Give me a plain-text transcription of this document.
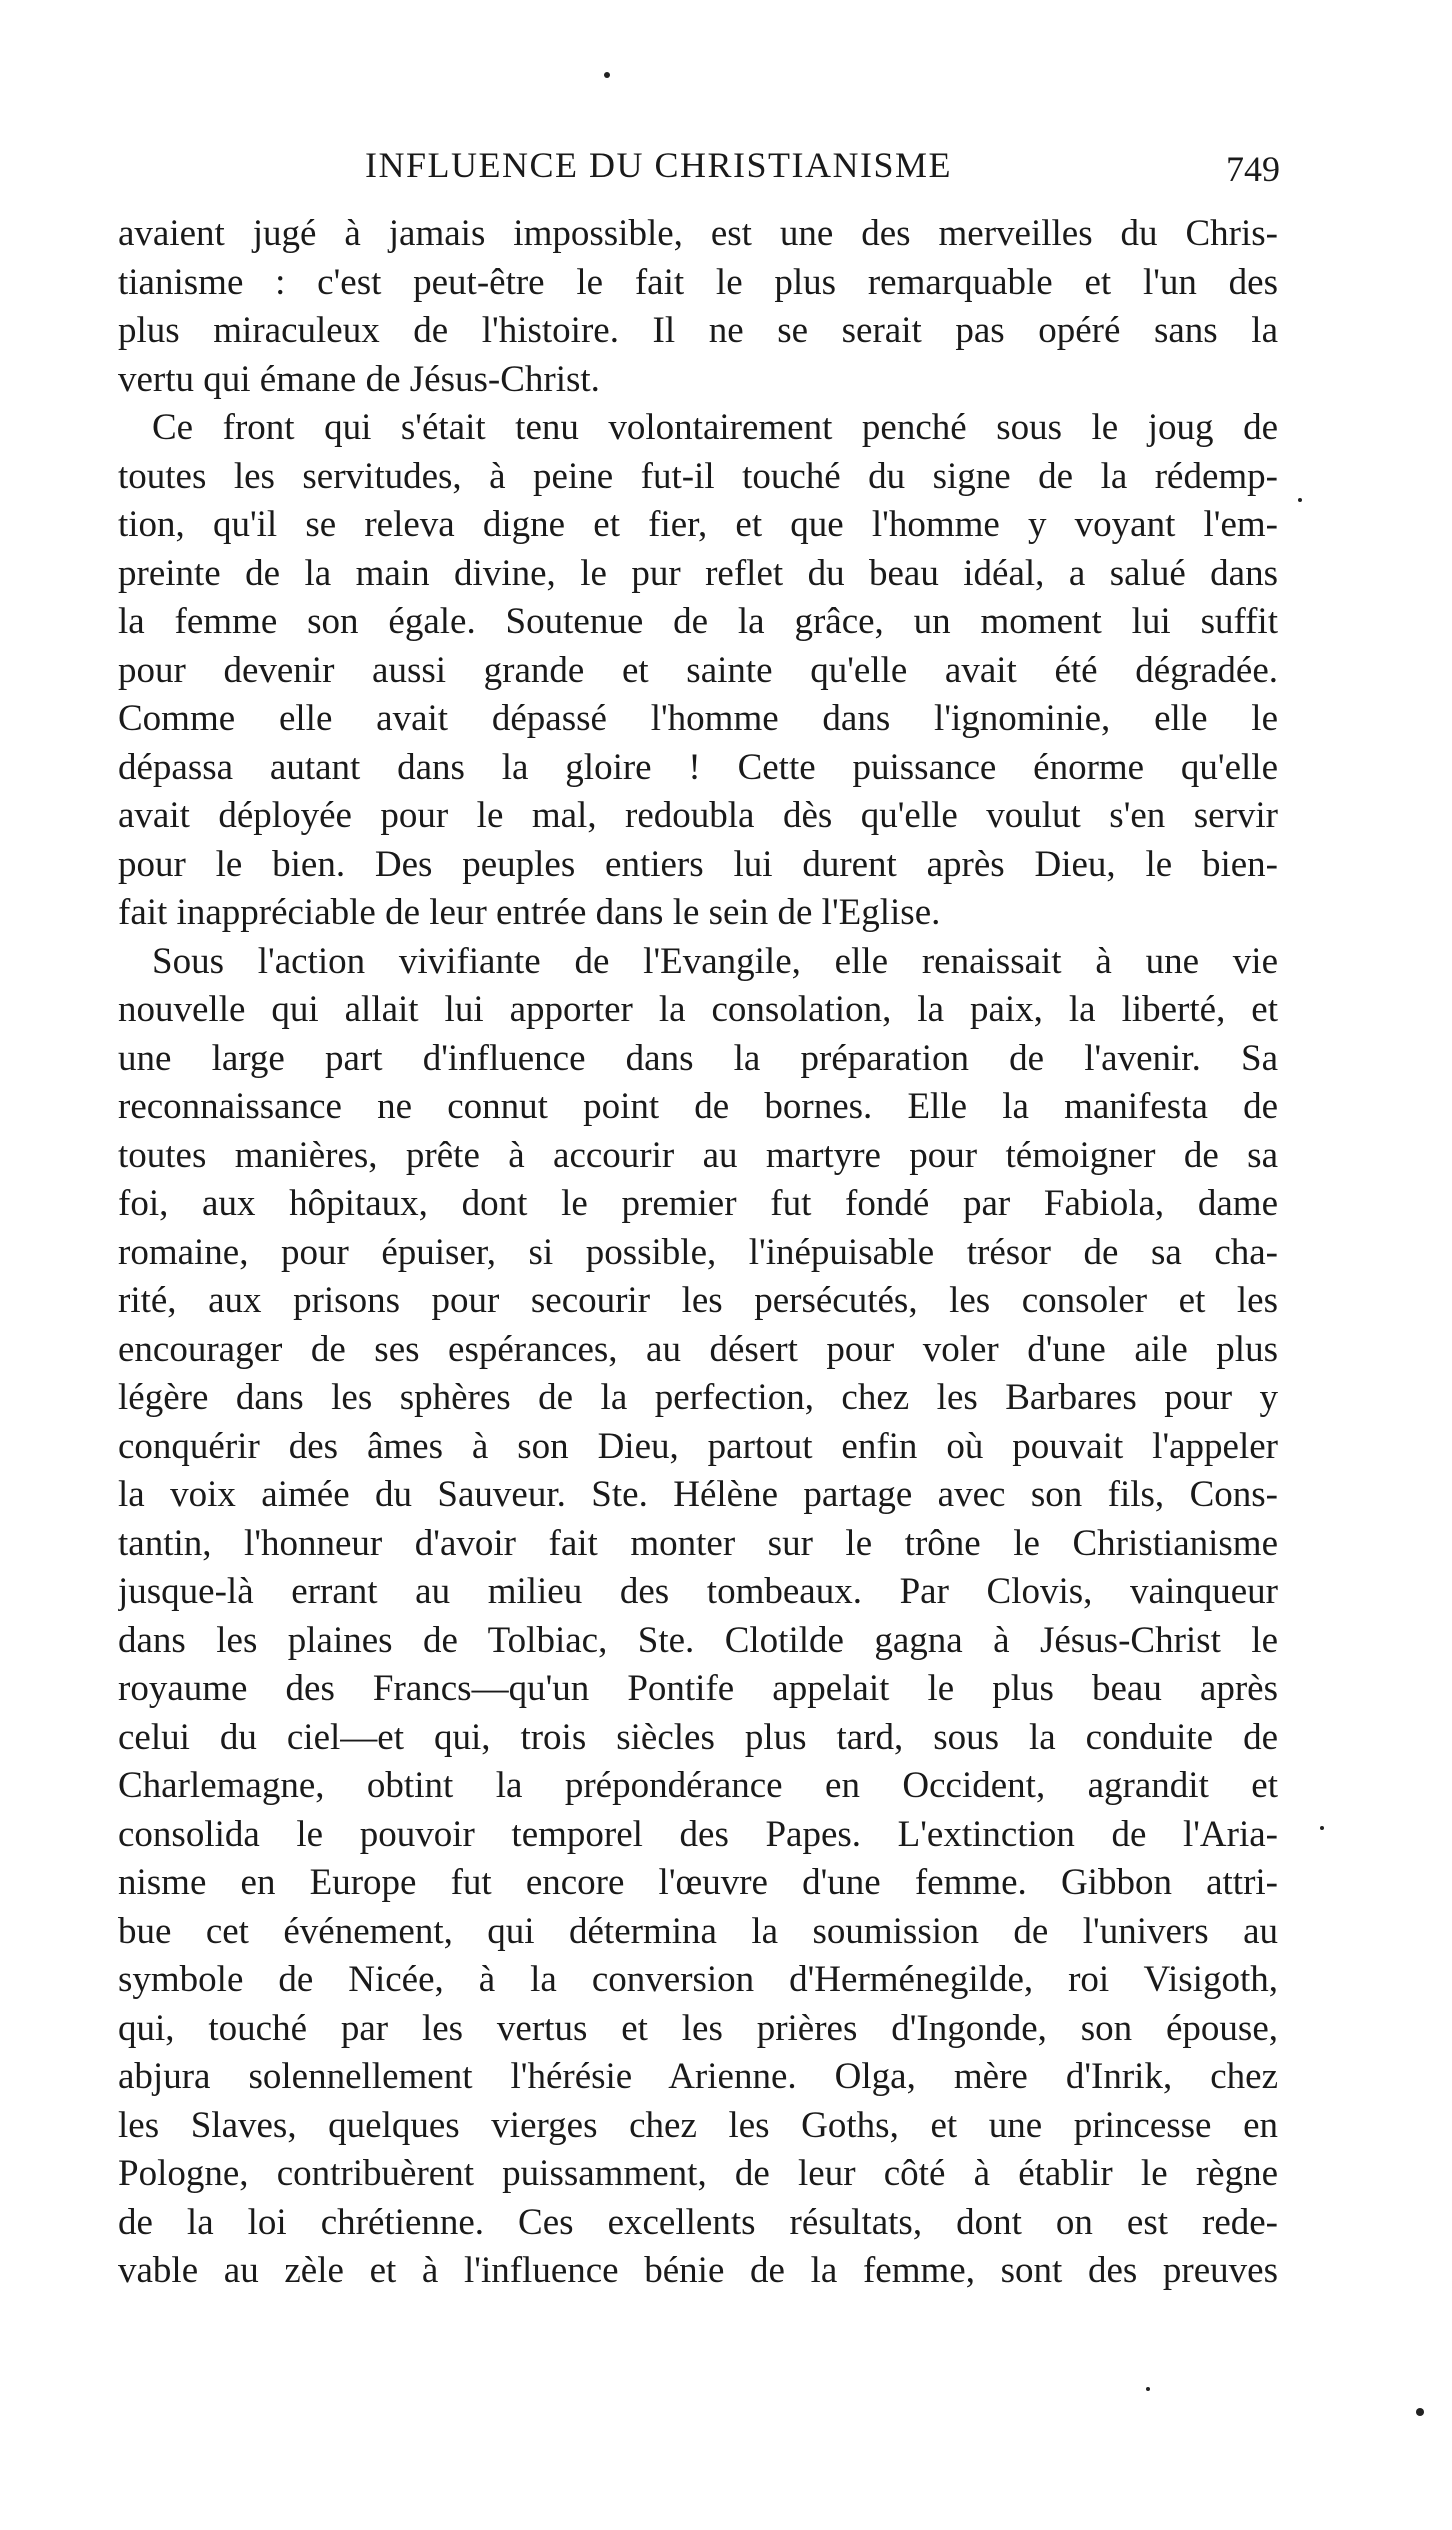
INFLUENCE DU CHRISTIANISME	749
avaient jugé à jamais impossible, est une des merveilles du Chris-
tianisme : c'est peut-être le fait le plus remarquable et l'un des
plus miraculeux de l'histoire. Il ne se serait pas opéré sans la
vertu qui émane de Jésus-Christ.
Ce front qui s'était tenu volontairement penché sous le joug de
toutes les servitudes, à peine fut-il touché du signe de la rédemp-
tion, qu'il se releva digne et fier, et que l'homme y voyant l'em-
preinte de la main divine, le pur reflet du beau idéal, a salué dans
la femme son égale. Soutenue de la grâce, un moment lui suffit
pour devenir aussi grande et sainte qu'elle avait été dégradée.
Comme elle avait dépassé l'homme dans l'ignominie, elle le
dépassa autant dans la gloire ! Cette puissance énorme qu'elle
avait déployée pour le mal, redoubla dès qu'elle voulut s'en servir
pour le bien. Des peuples entiers lui durent après Dieu, le bien-
fait inappréciable de leur entrée dans le sein de l'Eglise.
Sous l'action vivifiante de l'Evangile, elle renaissait à une vie
nouvelle qui allait lui apporter la consolation, la paix, la liberté, et
une large part d'influence dans la préparation de l'avenir. Sa
reconnaissance ne connut point de bornes. Elle la manifesta de
toutes manières, prête à accourir au martyre pour témoigner de sa
foi, aux hôpitaux, dont le premier fut fondé par Fabiola, dame
romaine, pour épuiser, si possible, l'inépuisable trésor de sa cha-
rité, aux prisons pour secourir les persécutés, les consoler et les
encourager de ses espérances, au désert pour voler d'une aile plus
légère dans les sphères de la perfection, chez les Barbares pour y
conquérir des âmes à son Dieu, partout enfin où pouvait l'appeler
la voix aimée du Sauveur. Ste. Hélène partage avec son fils, Cons-
tantin, l'honneur d'avoir fait monter sur le trône le Christianisme
jusque-là errant au milieu des tombeaux. Par Clovis, vainqueur
dans les plaines de Tolbiac, Ste. Clotilde gagna à Jésus-Christ le
royaume des Francs—qu'un Pontife appelait le plus beau après
celui du ciel—et qui, trois siècles plus tard, sous la conduite de
Charlemagne, obtint la prépondérance en Occident, agrandit et
consolida le pouvoir temporel des Papes. L'extinction de l'Aria-
nisme en Europe fut encore l'œuvre d'une femme. Gibbon attri-
bue cet événement, qui détermina la soumission de l'univers au
symbole de Nicée, à la conversion d'Herménegilde, roi Visigoth,
qui, touché par les vertus et les prières d'Ingonde, son épouse,
abjura solennellement l'hérésie Arienne. Olga, mère d'Inrik, chez
les Slaves, quelques vierges chez les Goths, et une princesse en
Pologne, contribuèrent puissamment, de leur côté à établir le règne
de la loi chrétienne. Ces excellents résultats, dont on est rede-
vable au zèle et à l'influence bénie de la femme, sont des preuves
